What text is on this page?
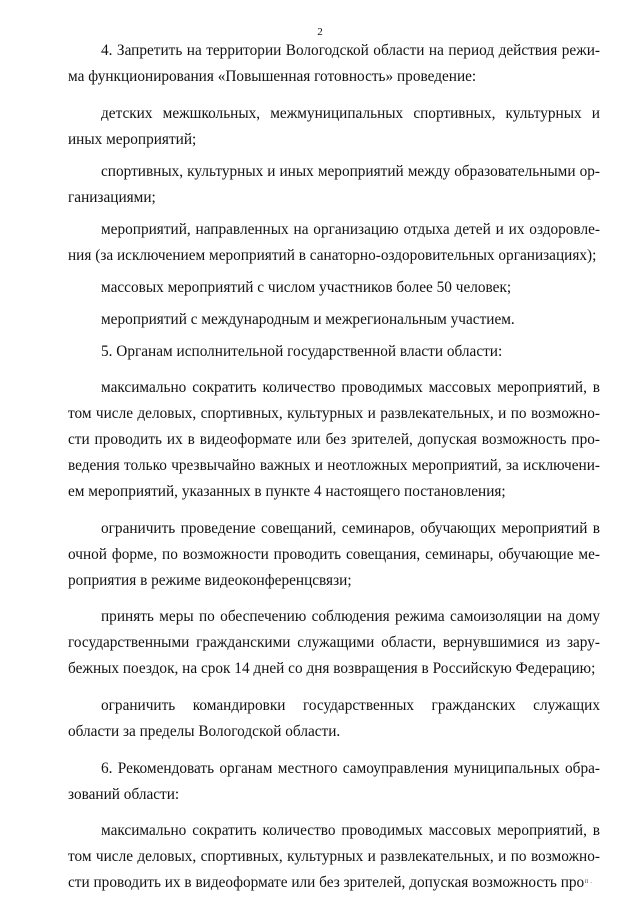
2

4. Запретить на территории Вологодской области на период действия режима функционирования «Повышенная готовность» проведение:

детских межшкольных, межмуниципальных спортивных, культурных и иных мероприятий;

спортивных, культурных и иных мероприятий между образовательными организациями;

мероприятий, направленных на организацию отдыха детей и их оздоровления (за исключением мероприятий в санаторно-оздоровительных организациях);

массовых мероприятий с числом участников более 50 человек;

мероприятий с международным и межрегиональным участием.

5. Органам исполнительной государственной власти области:

максимально сократить количество проводимых массовых мероприятий, в том числе деловых, спортивных, культурных и развлекательных, и по возможности проводить их в видеоформате или без зрителей, допуская возможность проведения только чрезвычайно важных и неотложных мероприятий, за исключением мероприятий, указанных в пункте 4 настоящего постановления;

ограничить проведение совещаний, семинаров, обучающих мероприятий в очной форме, по возможности проводить совещания, семинары, обучающие мероприятия в режиме видеоконференцсвязи;

принять меры по обеспечению соблюдения режима самоизоляции на дому государственными гражданскими служащими области, вернувшимися из зарубежных поездок, на срок 14 дней со дня возвращения в Российскую Федерацию;

ограничить командировки государственных гражданских служащих области за пределы Вологодской области.

6. Рекомендовать органам местного самоуправления муниципальных образований области:

максимально сократить количество проводимых массовых мероприятий, в том числе деловых, спортивных, культурных и развлекательных, и по возможности проводить их в видеоформате или без зрителей, допуская возможность про п .
